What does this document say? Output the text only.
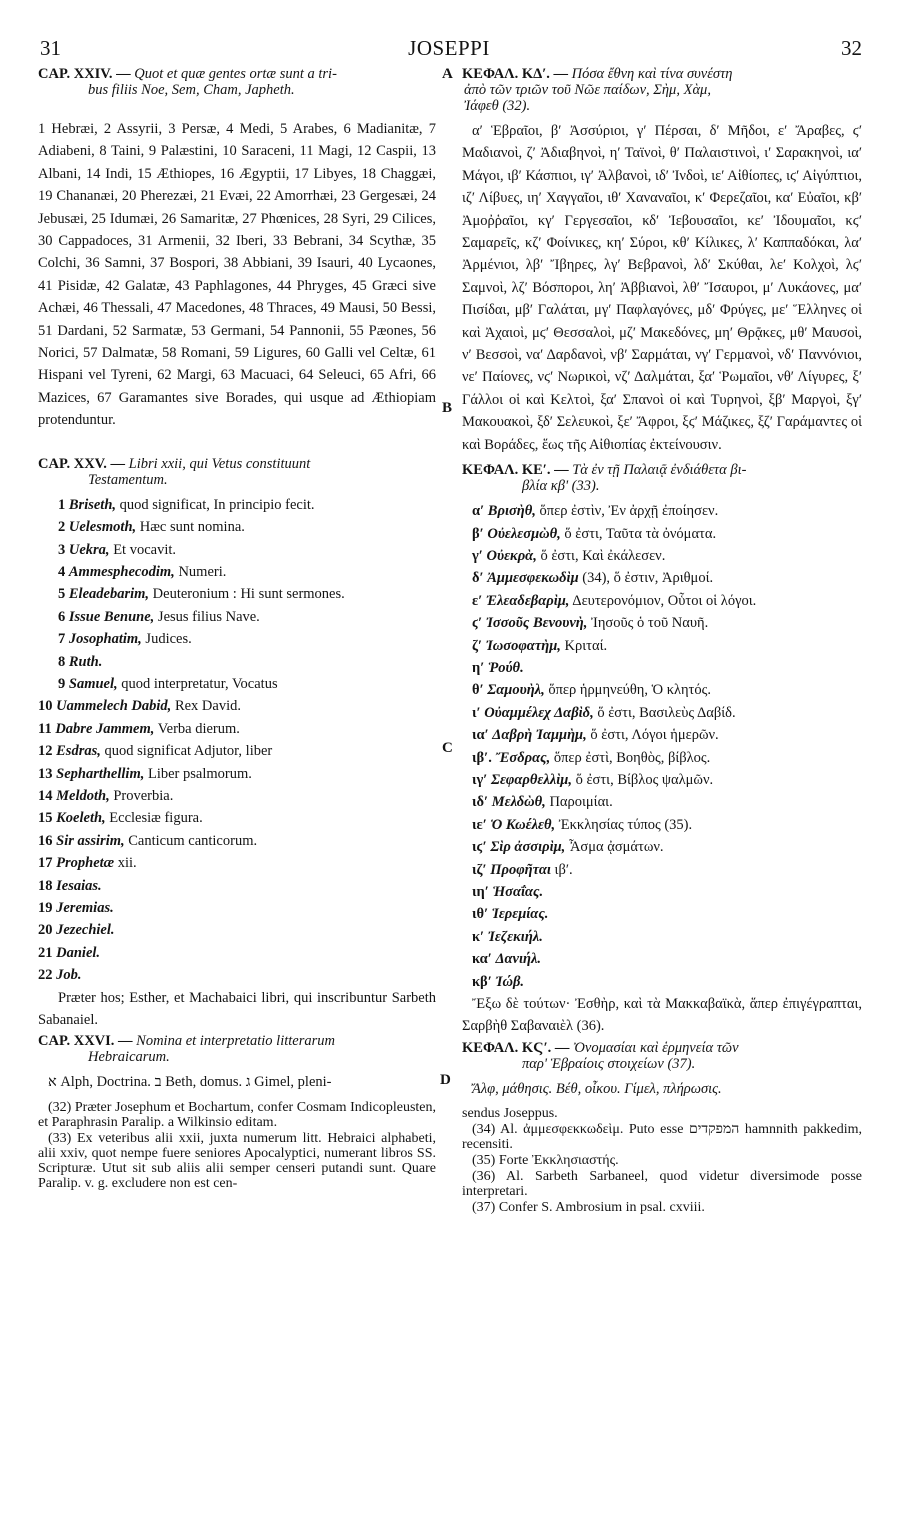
31	JOSEPPI	32
A
B
C
D

CAP. XXIV. — Quot et quæ gentes ortæ sunt a tri-

bus filiis Noe, Sem, Cham, Japheth.

1 Hebræi, 2 Assyrii, 3 Persæ, 4 Medi, 5 Arabes, 6 Madianitæ, 7 Adiabeni, 8 Taini, 9 Palæstini, 10 Saraceni, 11 Magi, 12 Caspii, 13 Albani, 14 Indi, 15 Æthiopes, 16 Ægyptii, 17 Libyes, 18 Chaggæi, 19 Chananæi, 20 Pherezæi, 21 Evæi, 22 Amorrhæi, 23 Gergesæi, 24 Jebusæi, 25 Idumæi, 26 Samaritæ, 27 Phœnices, 28 Syri, 29 Cilices, 30 Cappadoces, 31 Armenii, 32 Iberi, 33 Bebrani, 34 Scythæ, 35 Colchi, 36 Samni, 37 Bospori, 38 Abbiani, 39 Isauri, 40 Lycaones, 41 Pisidæ, 42 Galatæ, 43 Paphlagones, 44 Phryges, 45 Græci sive Achæi, 46 Thessali, 47 Macedones, 48 Thraces, 49 Mausi, 50 Bessi, 51 Dardani, 52 Sarmatæ, 53 Germani, 54 Pannonii, 55 Pæones, 56 Norici, 57 Dalmatæ, 58 Romani, 59 Ligures, 60 Galli vel Celtæ, 61 Hispani vel Tyreni, 62 Margi, 63 Macuaci, 64 Seleuci, 65 Afri, 66 Mazices, 67 Garamantes sive Borades, qui usque ad Æthiopiam protenduntur.

CAP. XXV. — Libri xxii, qui Vetus constituunt

Testamentum.

1 Briseth, quod significat, In principio fecit.
2 Uelesmoth, Hæc sunt nomina.
3 Uekra, Et vocavit.
4 Ammesphecodim, Numeri.
5 Eleadebarim, Deuteronium : Hi sunt sermones.
6 Issue Benune, Jesus filius Nave.
7 Josophatim, Judices.
8 Ruth.
9 Samuel, quod interpretatur, Vocatus
10 Uammelech Dabid, Rex David.
11 Dabre Jammem, Verba dierum.
12 Esdras, quod significat Adjutor, liber
13 Sepharthellim, Liber psalmorum.
14 Meldoth, Proverbia.
15 Koeleth, Ecclesiæ figura.
16 Sir assirim, Canticum canticorum.
17 Prophetæ xii.
18 Iesaias.
19 Jeremias.
20 Jezechiel.
21 Daniel.
22 Job.

Præter hos; Esther, et Machabaici libri, qui inscribuntur Sarbeth Sabanaiel.

CAP. XXVI. — Nomina et interpretatio litterarum

Hebraicarum.

א Alph, Doctrina. ב Beth, domus. ג Gimel, pleni-

(32) Præter Josephum et Bochartum, confer Cosmam Indicopleusten, et Paraphrasin Paralip. a Wilkinsio editam.

(33) Ex veteribus alii xxii, juxta numerum litt. Hebraici alphabeti, alii xxiv, quot nempe fuere seniores Apocalyptici, numerant libros SS. Scripturæ. Utut sit sub aliis alii semper censeri putandi sunt. Quare Paralip. v. g. excludere non est cen-

ΚΕΦΑΛ. ΚΔʹ. — Πόσα ἔθνη καὶ τίνα συνέστη

ἀπὸ τῶν τριῶν τοῦ Νῶε παίδων, Σὴμ, Χὰμ,

Ἰάφεθ (32).

αʹ Ἑβραῖοι, βʹ Ἀσσύριοι, γʹ Πέρσαι, δʹ Μῆδοι, εʹ Ἄραβες, ϛʹ Μαδιανοὶ, ζʹ Ἀδιαβηνοὶ, ηʹ Ταϊνοὶ, θʹ Παλαιστινοὶ, ιʹ Σαρακηνοὶ, ιαʹ Μάγοι, ιβʹ Κάσπιοι, ιγʹ Ἀλβανοὶ, ιδʹ Ἰνδοὶ, ιεʹ Αἰθίοπες, ιϛʹ Αἰγύπτιοι, ιζʹ Λίβυες, ιηʹ Χαγγαῖοι, ιθʹ Χαναναῖοι, κʹ Φερεζαῖοι, καʹ Εὐαῖοι, κβʹ Ἀμοῤῥαῖοι, κγʹ Γεργεσαῖοι, κδʹ Ἰεβουσαῖοι, κεʹ Ἰδουμαῖοι, κϛʹ Σαμαρεῖς, κζʹ Φοίνικες, κηʹ Σύροι, κθʹ Κίλικες, λʹ Καππαδόκαι, λαʹ Ἀρμένιοι, λβʹ Ἴβηρες, λγʹ Βεβρανοὶ, λδʹ Σκύθαι, λεʹ Κολχοὶ, λϛʹ Σαμνοὶ, λζʹ Βόσποροι, ληʹ Ἀββιανοὶ, λθʹ Ἴσαυροι, μʹ Λυκάονες, μαʹ Πισίδαι, μβʹ Γαλάται, μγʹ Παφλαγόνες, μδʹ Φρύγες, μεʹ Ἕλληνες οἱ καὶ Ἀχαιοὶ, μϛʹ Θεσσαλοὶ, μζʹ Μακεδόνες, μηʹ Θρᾷκες, μθʹ Μαυσοὶ, νʹ Βεσσοὶ, ναʹ Δαρδανοὶ, νβʹ Σαρμάται, νγʹ Γερμανοὶ, νδʹ Παννόνιοι, νεʹ Παίονες, νϛʹ Νωρικοὶ, νζʹ Δαλμάται, ξαʹ Ῥωμαῖοι, νθʹ Λίγυρες, ξʹ Γάλλοι οἱ καὶ Κελτοὶ, ξαʹ Σπανοὶ οἱ καὶ Τυρηνοὶ, ξβʹ Μαργοὶ, ξγʹ Μακουακοὶ, ξδʹ Σελευκοὶ, ξεʹ Ἄφροι, ξϛʹ Μάζικες, ξζʹ Γαράμαντες οἱ καὶ Βοράδες, ἕως τῆς Αἰθιοπίας ἐκτείνουσιν.

ΚΕΦΑΛ. ΚΕʹ. — Τὰ ἐν τῇ Παλαιᾷ ἐνδιάθετα βι-

βλία κβʹ (33).

αʹ Βρισὴθ, ὅπερ ἐστὶν, Ἐν ἀρχῇ ἐποίησεν.
βʹ Οὐελεσμὼθ, ὅ ἐστι, Ταῦτα τὰ ὀνόματα.
γʹ Οὐεκρὰ, ὅ ἐστι, Καὶ ἐκάλεσεν.
δʹ Ἀμμεσφεκωδὶμ (34), ὅ ἐστιν, Ἀριθμοί.
εʹ Ἐλεαδεβαρὶμ, Δευτερονόμιον, Οὗτοι οἱ λόγοι.
ϛʹ Ἰσσοῦς Βενουνὴ, Ἰησοῦς ὁ τοῦ Ναυῆ.
ζʹ Ἰωσοφατὴμ, Κριταί.
ηʹ Ῥούθ.
θʹ Σαμουὴλ, ὅπερ ἡρμηνεύθη, Ὁ κλητός.
ιʹ Οὐαμμέλεχ Δαβὶδ, ὅ ἐστι, Βασιλεὺς Δαβίδ.
ιαʹ Δαβρὴ Ἰαμμὴμ, ὅ ἐστι, Λόγοι ἡμερῶν.
ιβʹ. Ἔσδρας, ὅπερ ἐστὶ, Βοηθὸς, βίβλος.
ιγʹ Σεφαρθελλὶμ, ὅ ἐστι, Βίβλος ψαλμῶν.
ιδʹ Μελδὼθ, Παροιμίαι.
ιεʹ Ὁ Κωέλεθ, Ἐκκλησίας τύπος (35).
ιϛʹ Σὶρ ἀσσιρὶμ, Ἆσμα ᾀσμάτων.
ιζʹ Προφῆται ιβʹ.
ιηʹ Ἡσαΐας.
ιθʹ Ἱερεμίας.
κʹ Ἰεζεκιήλ.
καʹ Δανιήλ.
κβʹ Ἰώβ.

Ἔξω δὲ τούτων· Ἐσθὴρ, καὶ τὰ Μακκαβαϊκὰ, ἅπερ ἐπιγέγραπται, Σαρβὴθ Σαβαναιὲλ (36).

ΚΕΦΑΛ. ΚϚʹ. — Ὀνομασίαι καὶ ἑρμηνεία τῶν

παρ' Ἑβραίοις στοιχείων (37).

Ἄλφ, μάθησις. Βέθ, οἶκου. Γίμελ, πλήρωσις.

sendus Joseppus.

(34) Al. ἀμμεσφεκκωδεὶμ. Puto esse המפקדים hamnnith pakkedim, recensiti.

(35) Forte Ἐκκλησιαστής.

(36) Al. Sarbeth Sarbaneel, quod videtur diversimode posse interpretari.

(37) Confer S. Ambrosium in psal. cxviii.
